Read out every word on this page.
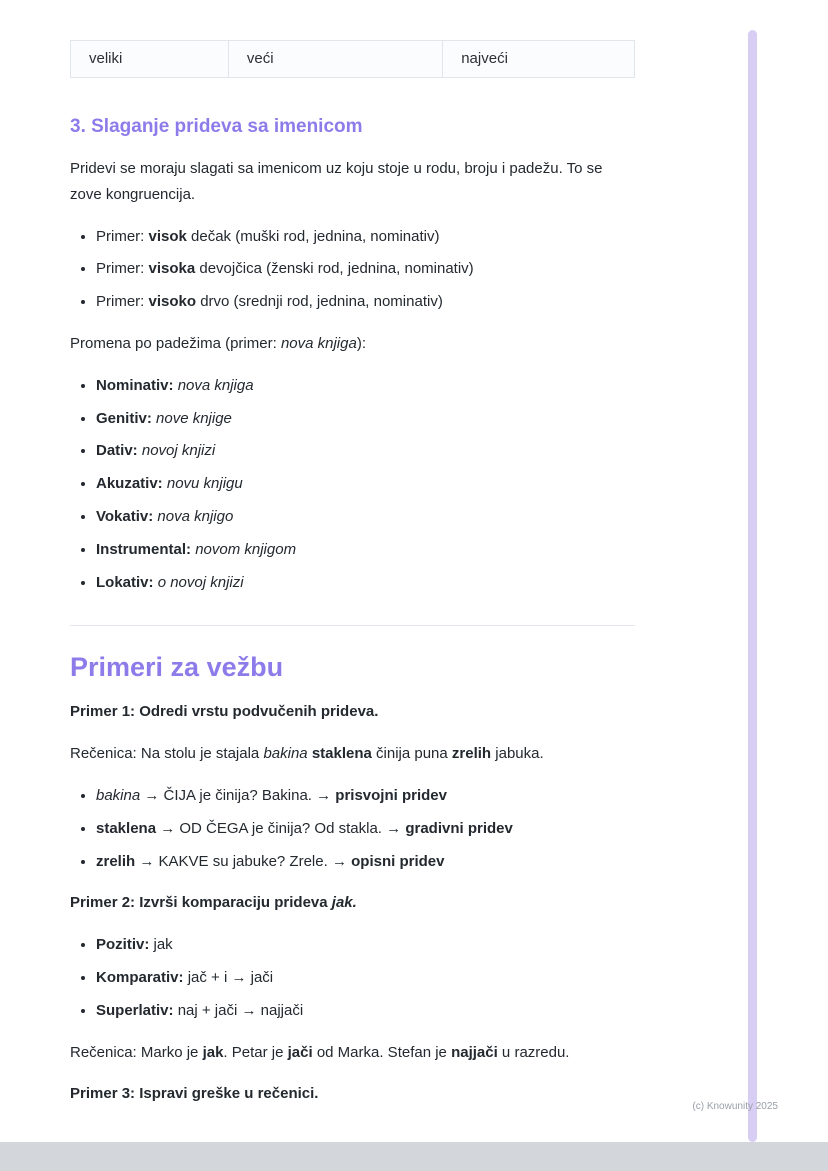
veliki	veći	najveći
3. Slaganje prideva sa imenicom

Pridevi se moraju slagati sa imenicom uz koju stoje u rodu, broju i padežu. To se zove kongruencija.

• Primer: visok dečak (muški rod, jednina, nominativ)
• Primer: visoka devojčica (ženski rod, jednina, nominativ)
• Primer: visoko drvo (srednji rod, jednina, nominativ)

Promena po padežima (primer: nova knjiga):

• Nominativ: nova knjiga
• Genitiv: nove knjige
• Dativ: novoj knjizi
• Akuzativ: novu knjigu
• Vokativ: nova knjigo
• Instrumental: novom knjigom
• Lokativ: o novoj knjizi
Primeri za vežbu

Primer 1: Odredi vrstu podvučenih prideva.

Rečenica: Na stolu je stajala bakina staklena činija puna zrelih jabuka.

• bakina → ČIJA je činija? Bakina. → prisvojni pridev
• staklena → OD ČEGA je činija? Od stakla. → gradivni pridev
• zrelih → KAKVE su jabuke? Zrele. → opisni pridev

Primer 2: Izvrši komparaciju prideva jak.

• Pozitiv: jak
• Komparativ: jač + i → jači
• Superlativ: naj + jači → najjači

Rečenica: Marko je jak. Petar je jači od Marka. Stefan je najjači u razredu.

Primer 3: Ispravi greške u rečenici.

(c) Knowunity 2025
